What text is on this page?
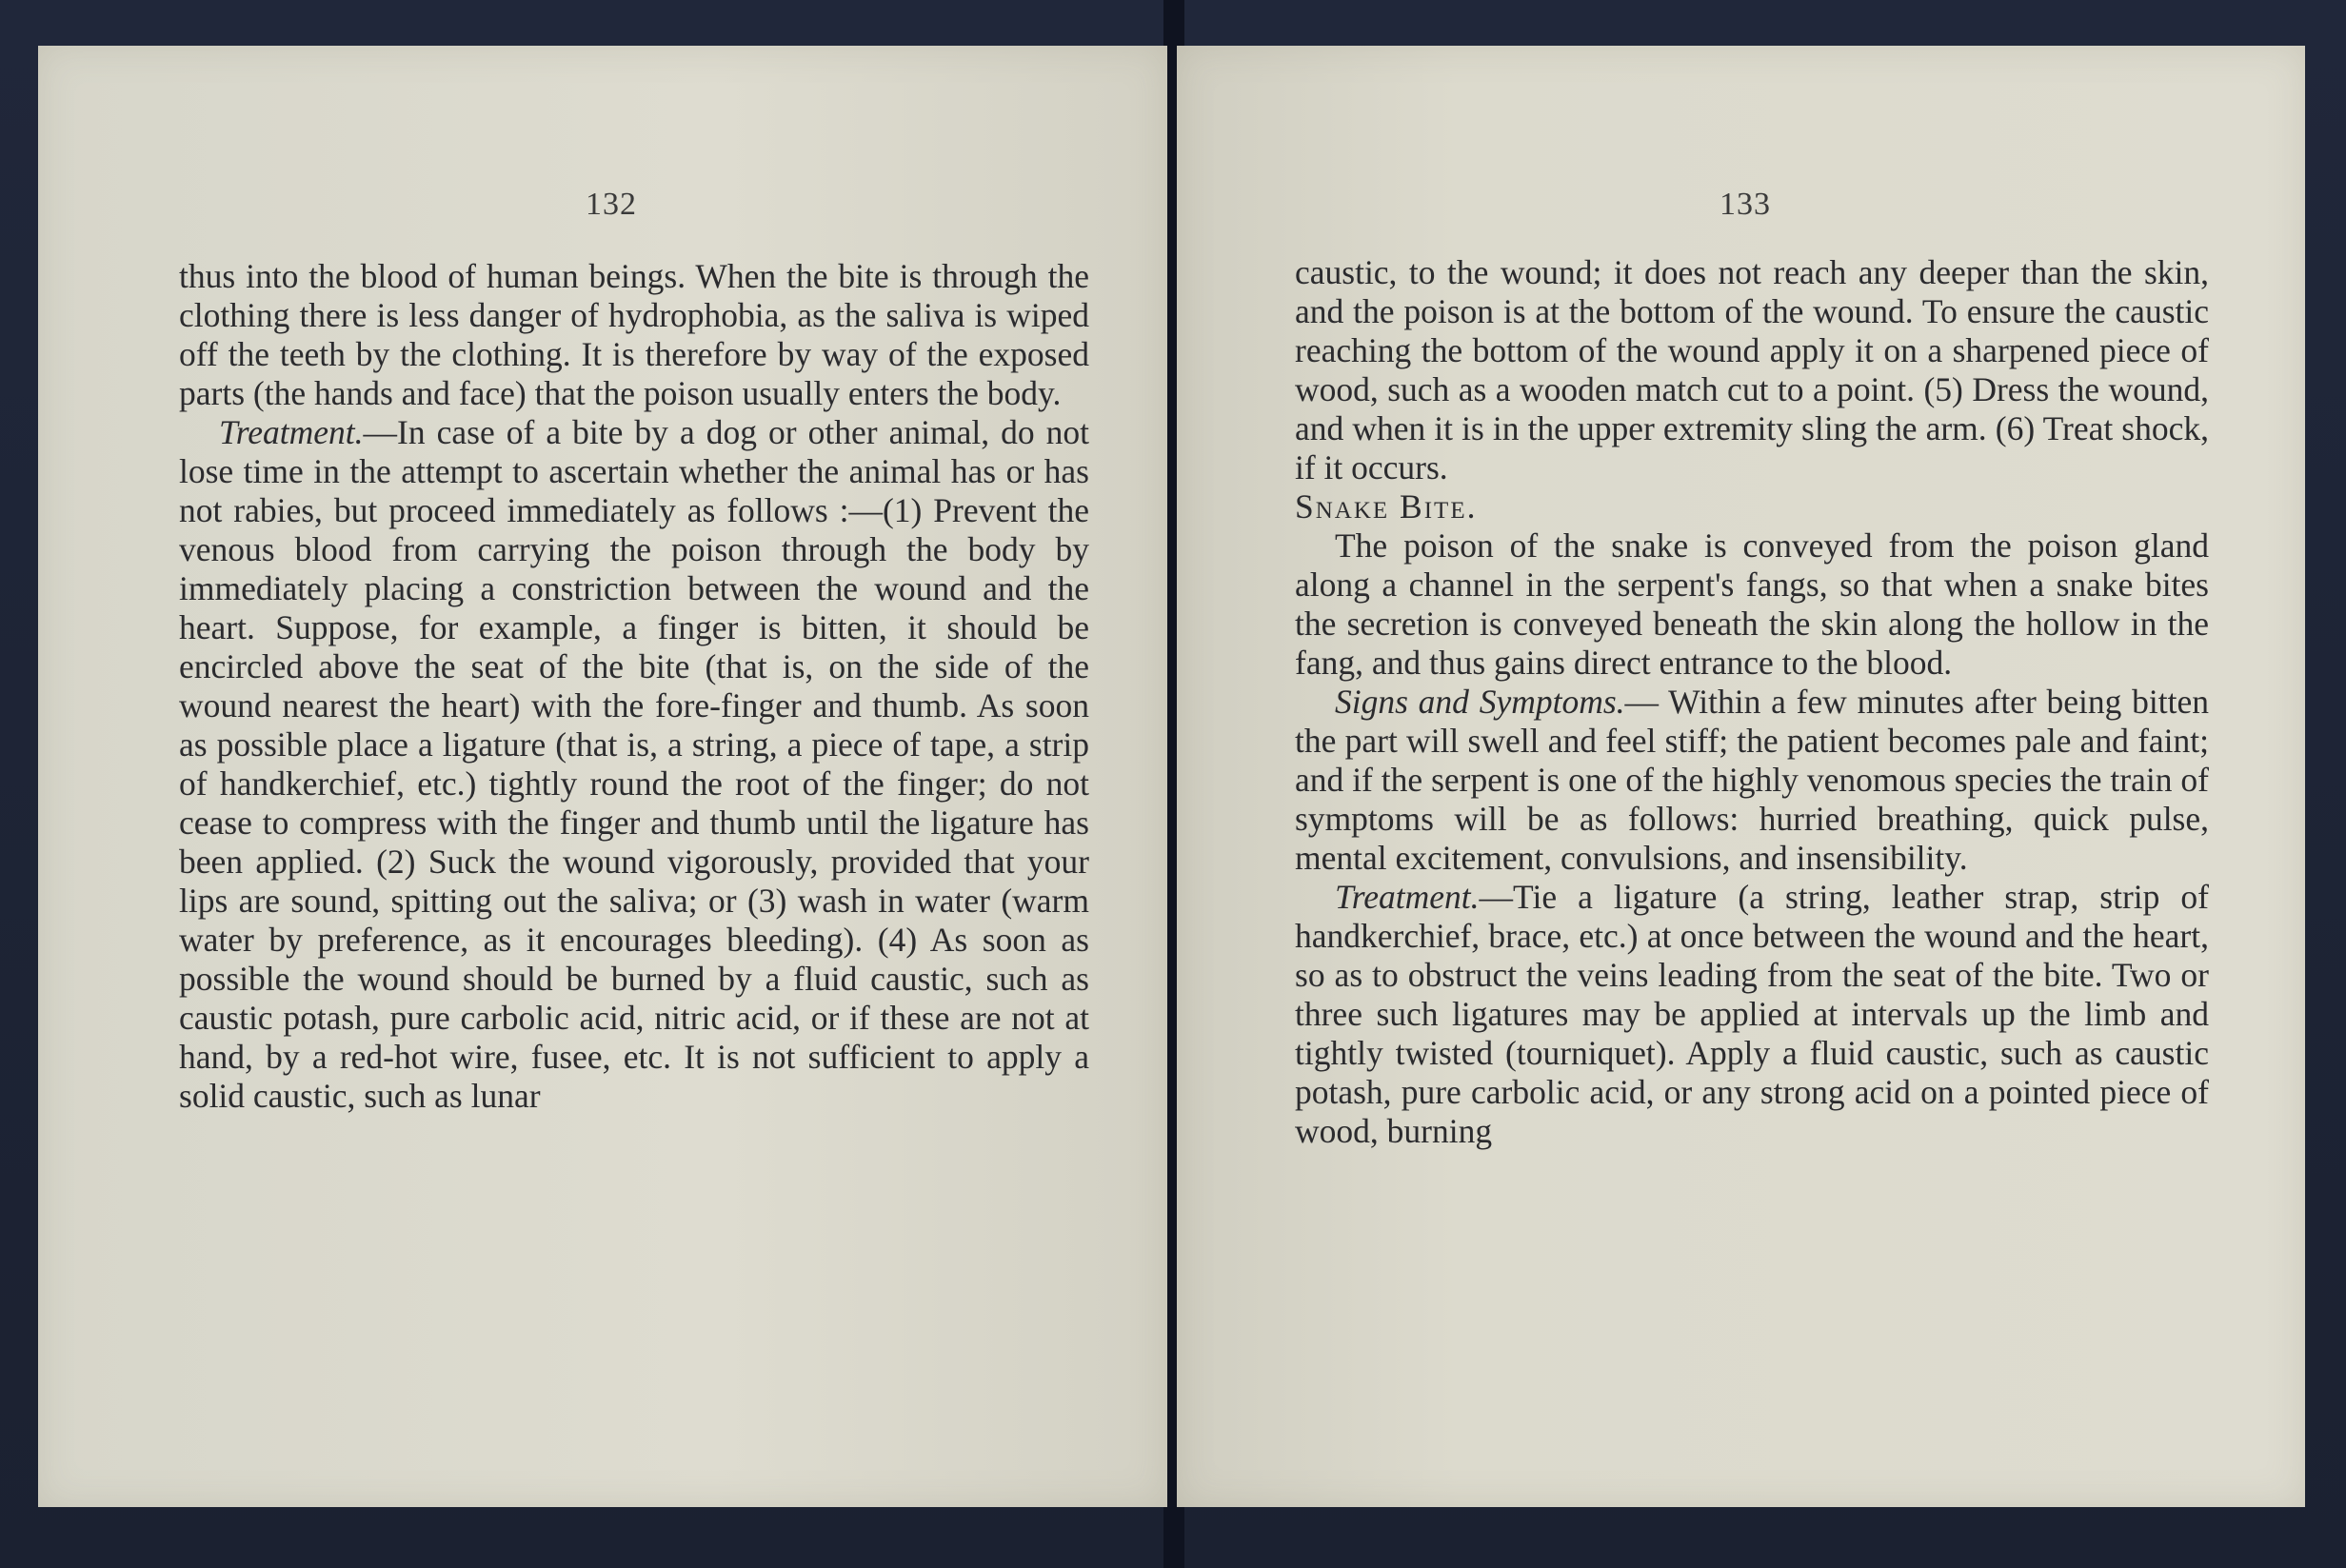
132

thus into the blood of human beings. When the bite is through the clothing there is less danger of hydrophobia, as the saliva is wiped off the teeth by the clothing. It is therefore by way of the exposed parts (the hands and face) that the poison usually enters the body.

Treatment.—In case of a bite by a dog or other animal, do not lose time in the attempt to ascertain whether the animal has or has not rabies, but proceed immediately as follows :—(1) Prevent the venous blood from carrying the poison through the body by immediately placing a constriction between the wound and the heart. Suppose, for example, a finger is bitten, it should be encircled above the seat of the bite (that is, on the side of the wound nearest the heart) with the fore-finger and thumb. As soon as possible place a ligature (that is, a string, a piece of tape, a strip of handkerchief, etc.) tightly round the root of the finger; do not cease to compress with the finger and thumb until the ligature has been applied. (2) Suck the wound vigorously, provided that your lips are sound, spitting out the saliva; or (3) wash in water (warm water by preference, as it encourages bleeding). (4) As soon as possible the wound should be burned by a fluid caustic, such as caustic potash, pure carbolic acid, nitric acid, or if these are not at hand, by a red-hot wire, fusee, etc. It is not sufficient to apply a solid caustic, such as lunar

133

caustic, to the wound; it does not reach any deeper than the skin, and the poison is at the bottom of the wound. To ensure the caustic reaching the bottom of the wound apply it on a sharpened piece of wood, such as a wooden match cut to a point. (5) Dress the wound, and when it is in the upper extremity sling the arm. (6) Treat shock, if it occurs.

Snake Bite.

The poison of the snake is conveyed from the poison gland along a channel in the serpent's fangs, so that when a snake bites the secretion is conveyed beneath the skin along the hollow in the fang, and thus gains direct entrance to the blood.

Signs and Symptoms.— Within a few minutes after being bitten the part will swell and feel stiff; the patient becomes pale and faint; and if the serpent is one of the highly venomous species the train of symptoms will be as follows: hurried breathing, quick pulse, mental excitement, convulsions, and insensibility.

Treatment.—Tie a ligature (a string, leather strap, strip of handkerchief, brace, etc.) at once between the wound and the heart, so as to obstruct the veins leading from the seat of the bite. Two or three such ligatures may be applied at intervals up the limb and tightly twisted (tourniquet). Apply a fluid caustic, such as caustic potash, pure carbolic acid, or any strong acid on a pointed piece of wood, burning
